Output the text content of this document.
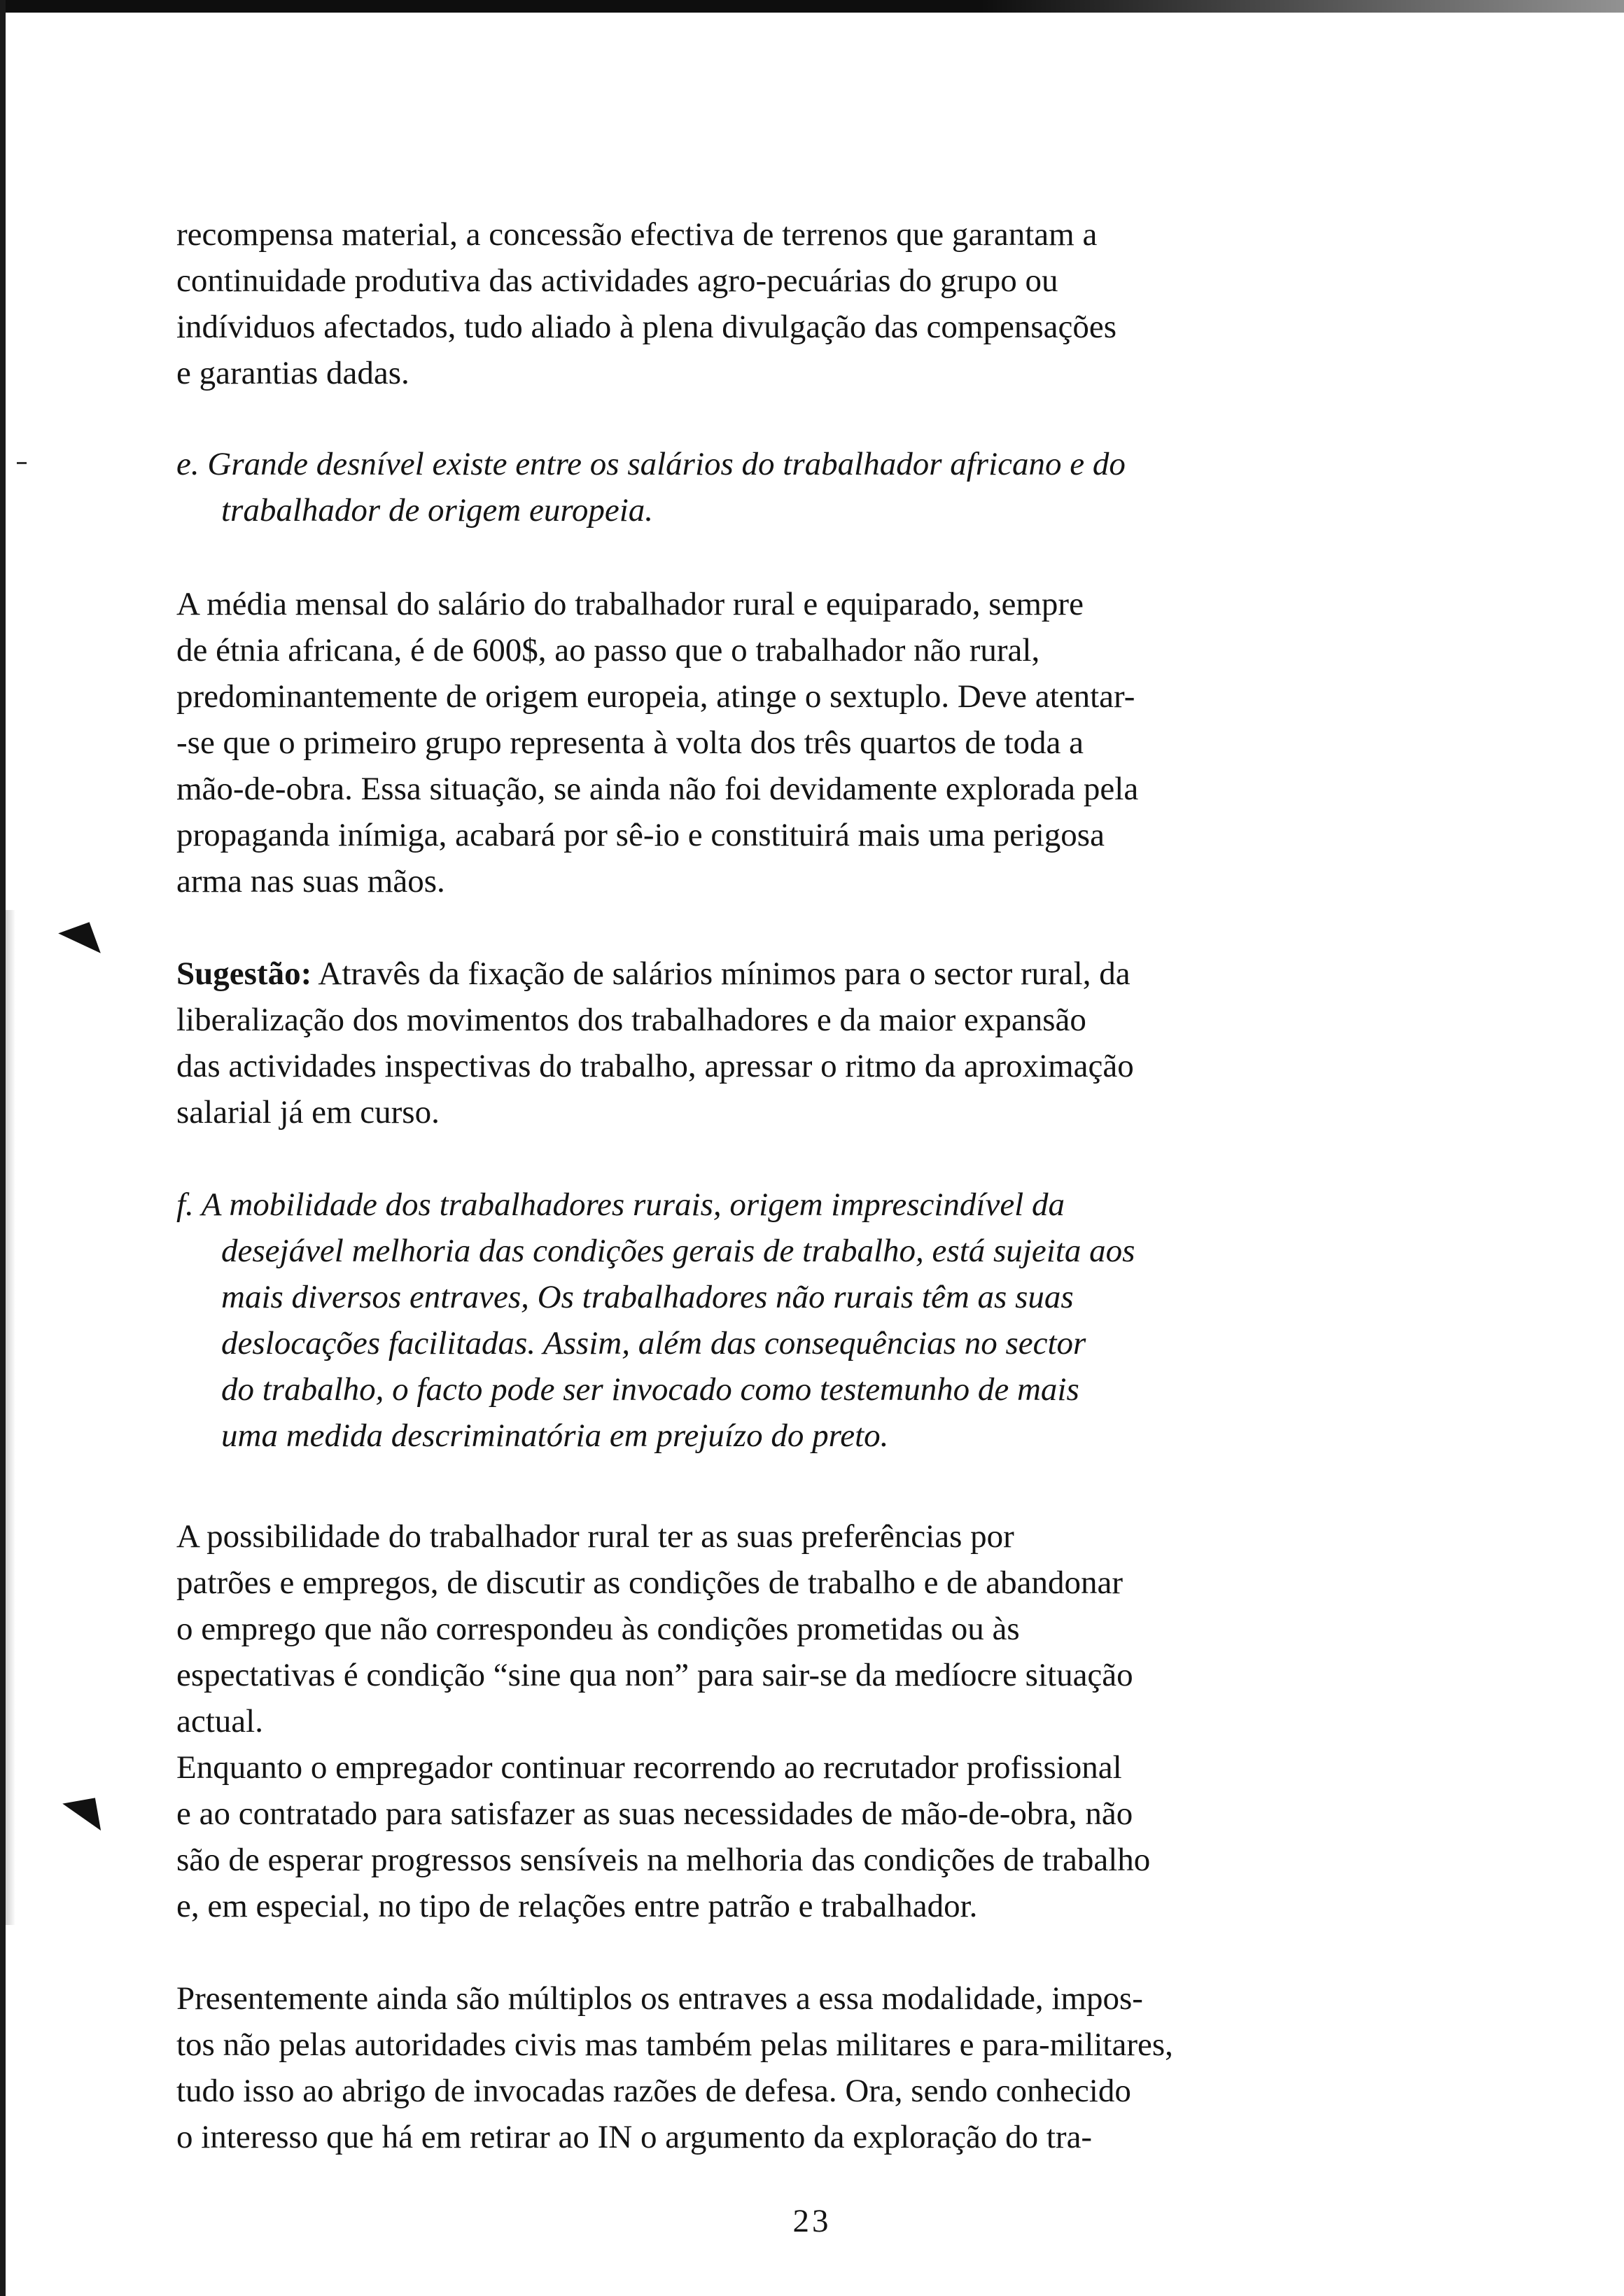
◥
◥
recompensa material, a concessão efectiva de terrenos que garantam a
continuidade produtiva das actividades agro-pecuárias do grupo ou
indíviduos afectados, tudo aliado à plena divulgação das compensações
e garantias dadas.
e. Grande desnível existe entre os salários do trabalhador africano e do
trabalhador de origem europeia.
A média mensal do salário do trabalhador rural e equiparado, sempre
de étnia africana, é de 600$, ao passo que o trabalhador não rural,
predominantemente de origem europeia, atinge o sextuplo. Deve atentar-
-se que o primeiro grupo representa à volta dos três quartos de toda a
mão-de-obra. Essa situação, se ainda não foi devidamente explorada pela
propaganda inímiga, acabará por sê-io e constituirá mais uma perigosa
arma nas suas mãos.
Sugestão: Atravês da fixação de salários mínimos para o sector rural, da
liberalização dos movimentos dos trabalhadores e da maior expansão
das actividades inspectivas do trabalho, apressar o ritmo da aproximação
salarial já em curso.
f. A mobilidade dos trabalhadores rurais, origem imprescindível da
desejável melhoria das condições gerais de trabalho, está sujeita aos
mais diversos entraves, Os trabalhadores não rurais têm as suas
deslocações facilitadas. Assim, além das consequências no sector
do trabalho, o facto pode ser invocado como testemunho de mais
uma medida descriminatória em prejuízo do preto.
A possibilidade do trabalhador rural ter as suas preferências por
patrões e empregos, de discutir as condições de trabalho e de abandonar
o emprego que não correspondeu às condições prometidas ou às
espectativas é condição “sine qua non” para sair-se da medíocre situação
actual.
Enquanto o empregador continuar recorrendo ao recrutador profissional
e ao contratado para satisfazer as suas necessidades de mão-de-obra, não
são de esperar progressos sensíveis na melhoria das condições de trabalho
e, em especial, no tipo de relações entre patrão e trabalhador.
Presentemente ainda são múltiplos os entraves a essa modalidade, impos-
tos não pelas autoridades civis mas também pelas militares e para-militares,
tudo isso ao abrigo de invocadas razões de defesa. Ora, sendo conhecido
o interesso que há em retirar ao IN o argumento da exploração do tra-
23
